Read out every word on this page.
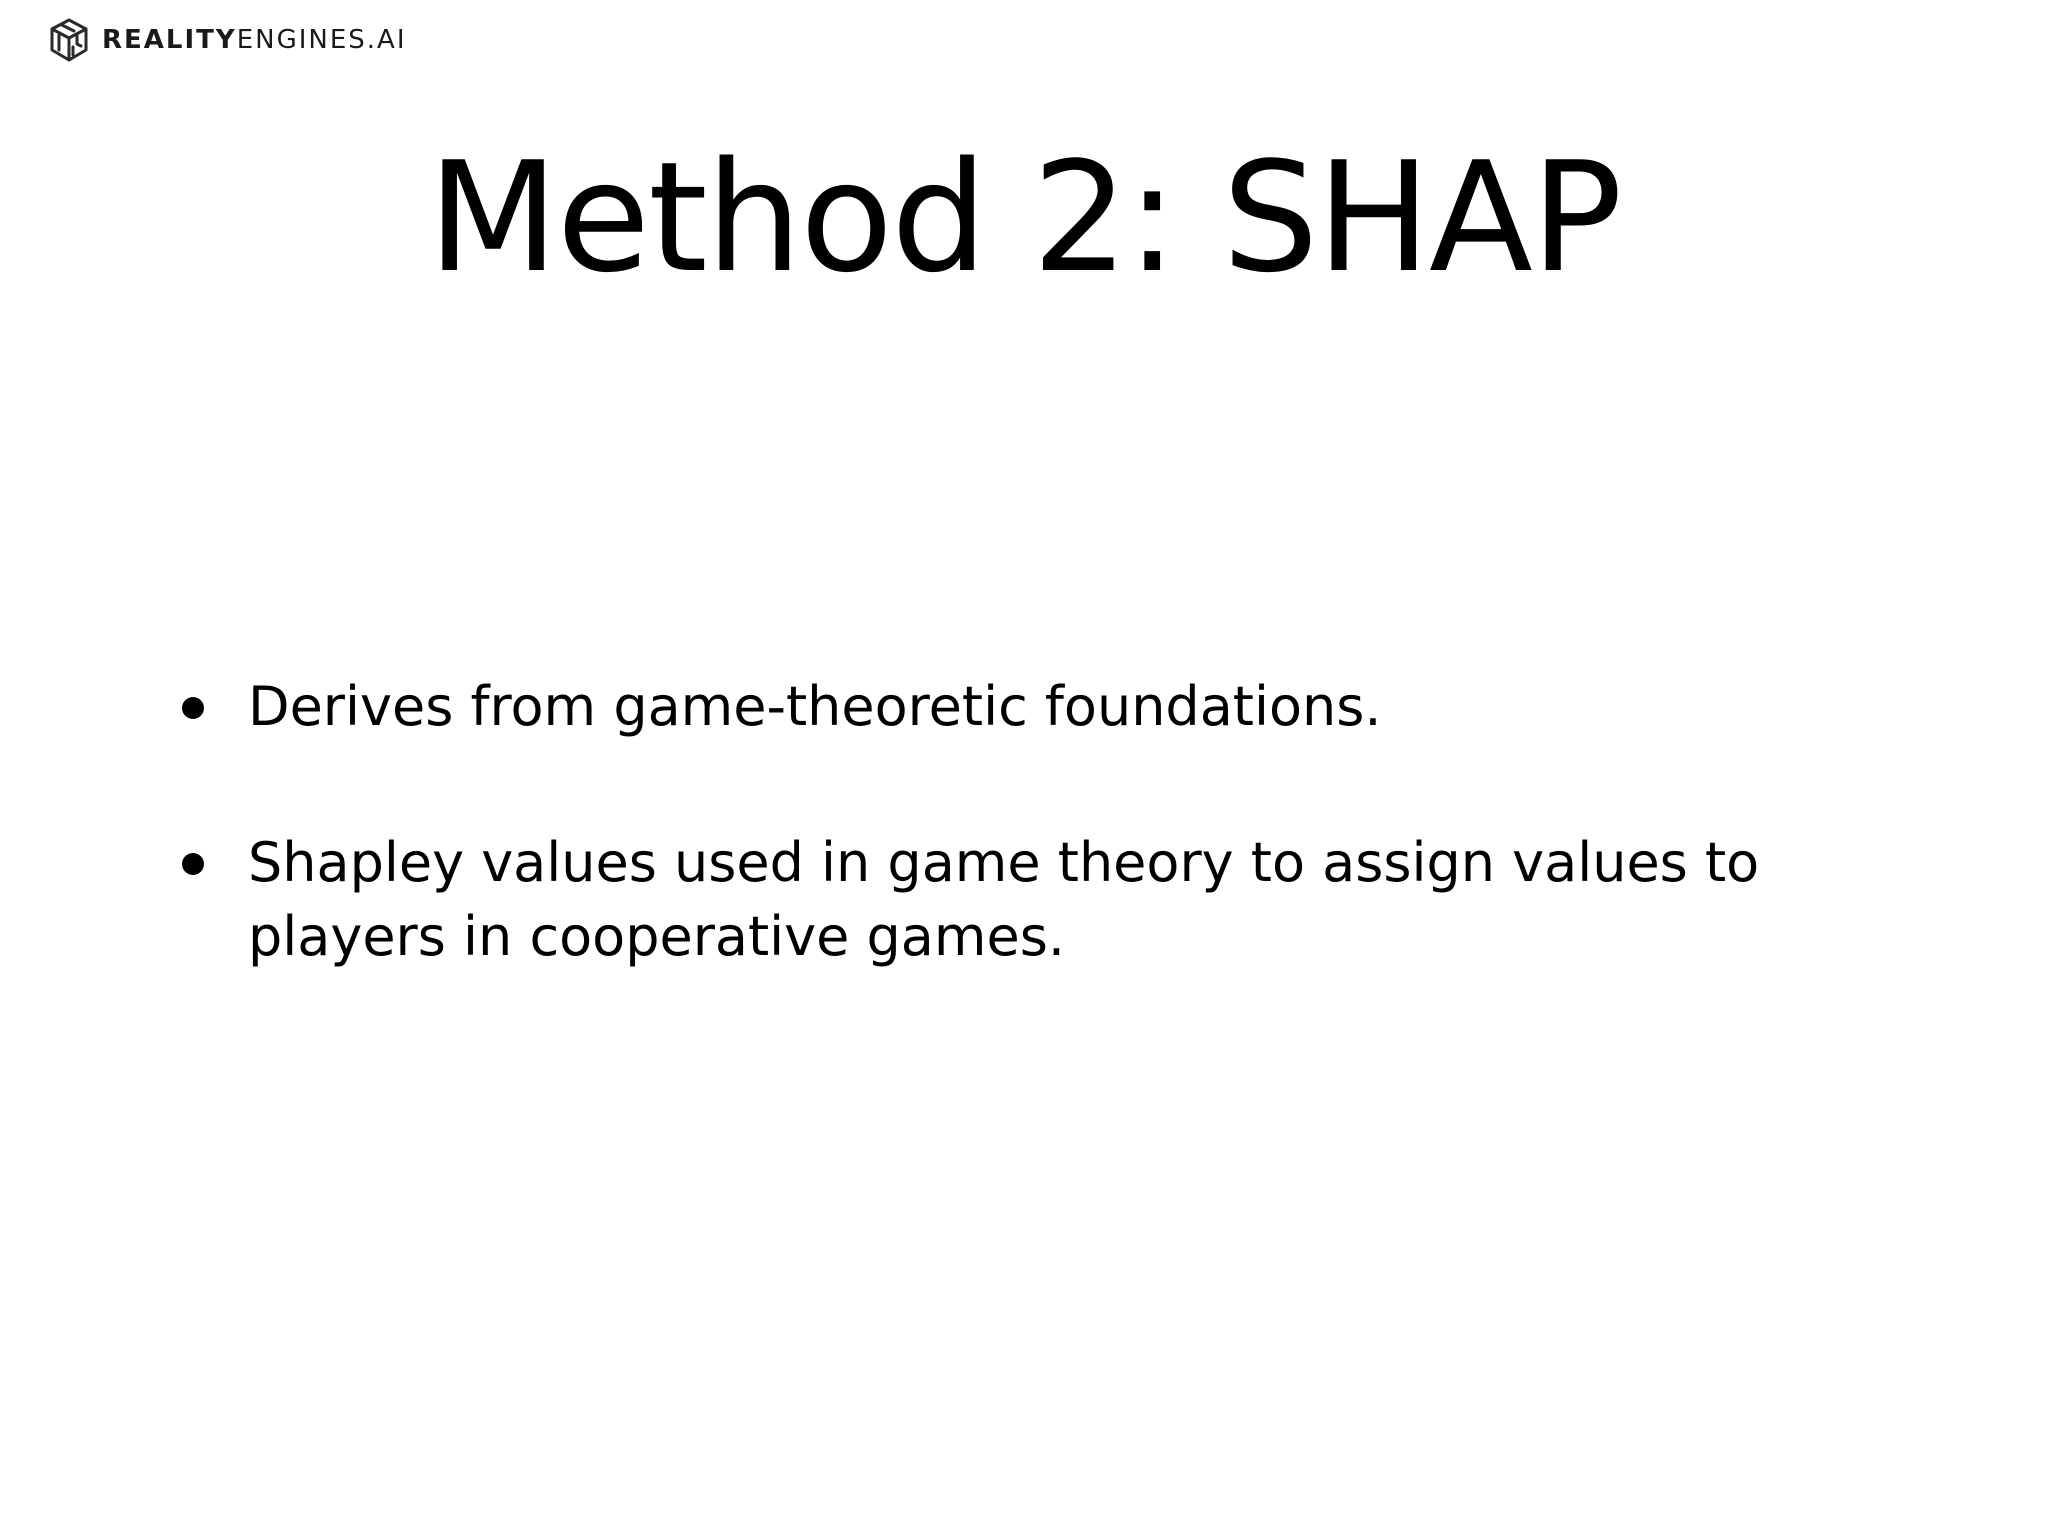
REALITYENGINES.AI
Method 2: SHAP
Derives from game-theoretic foundations.
Shapley values used in game theory to assign values to players in cooperative games.
